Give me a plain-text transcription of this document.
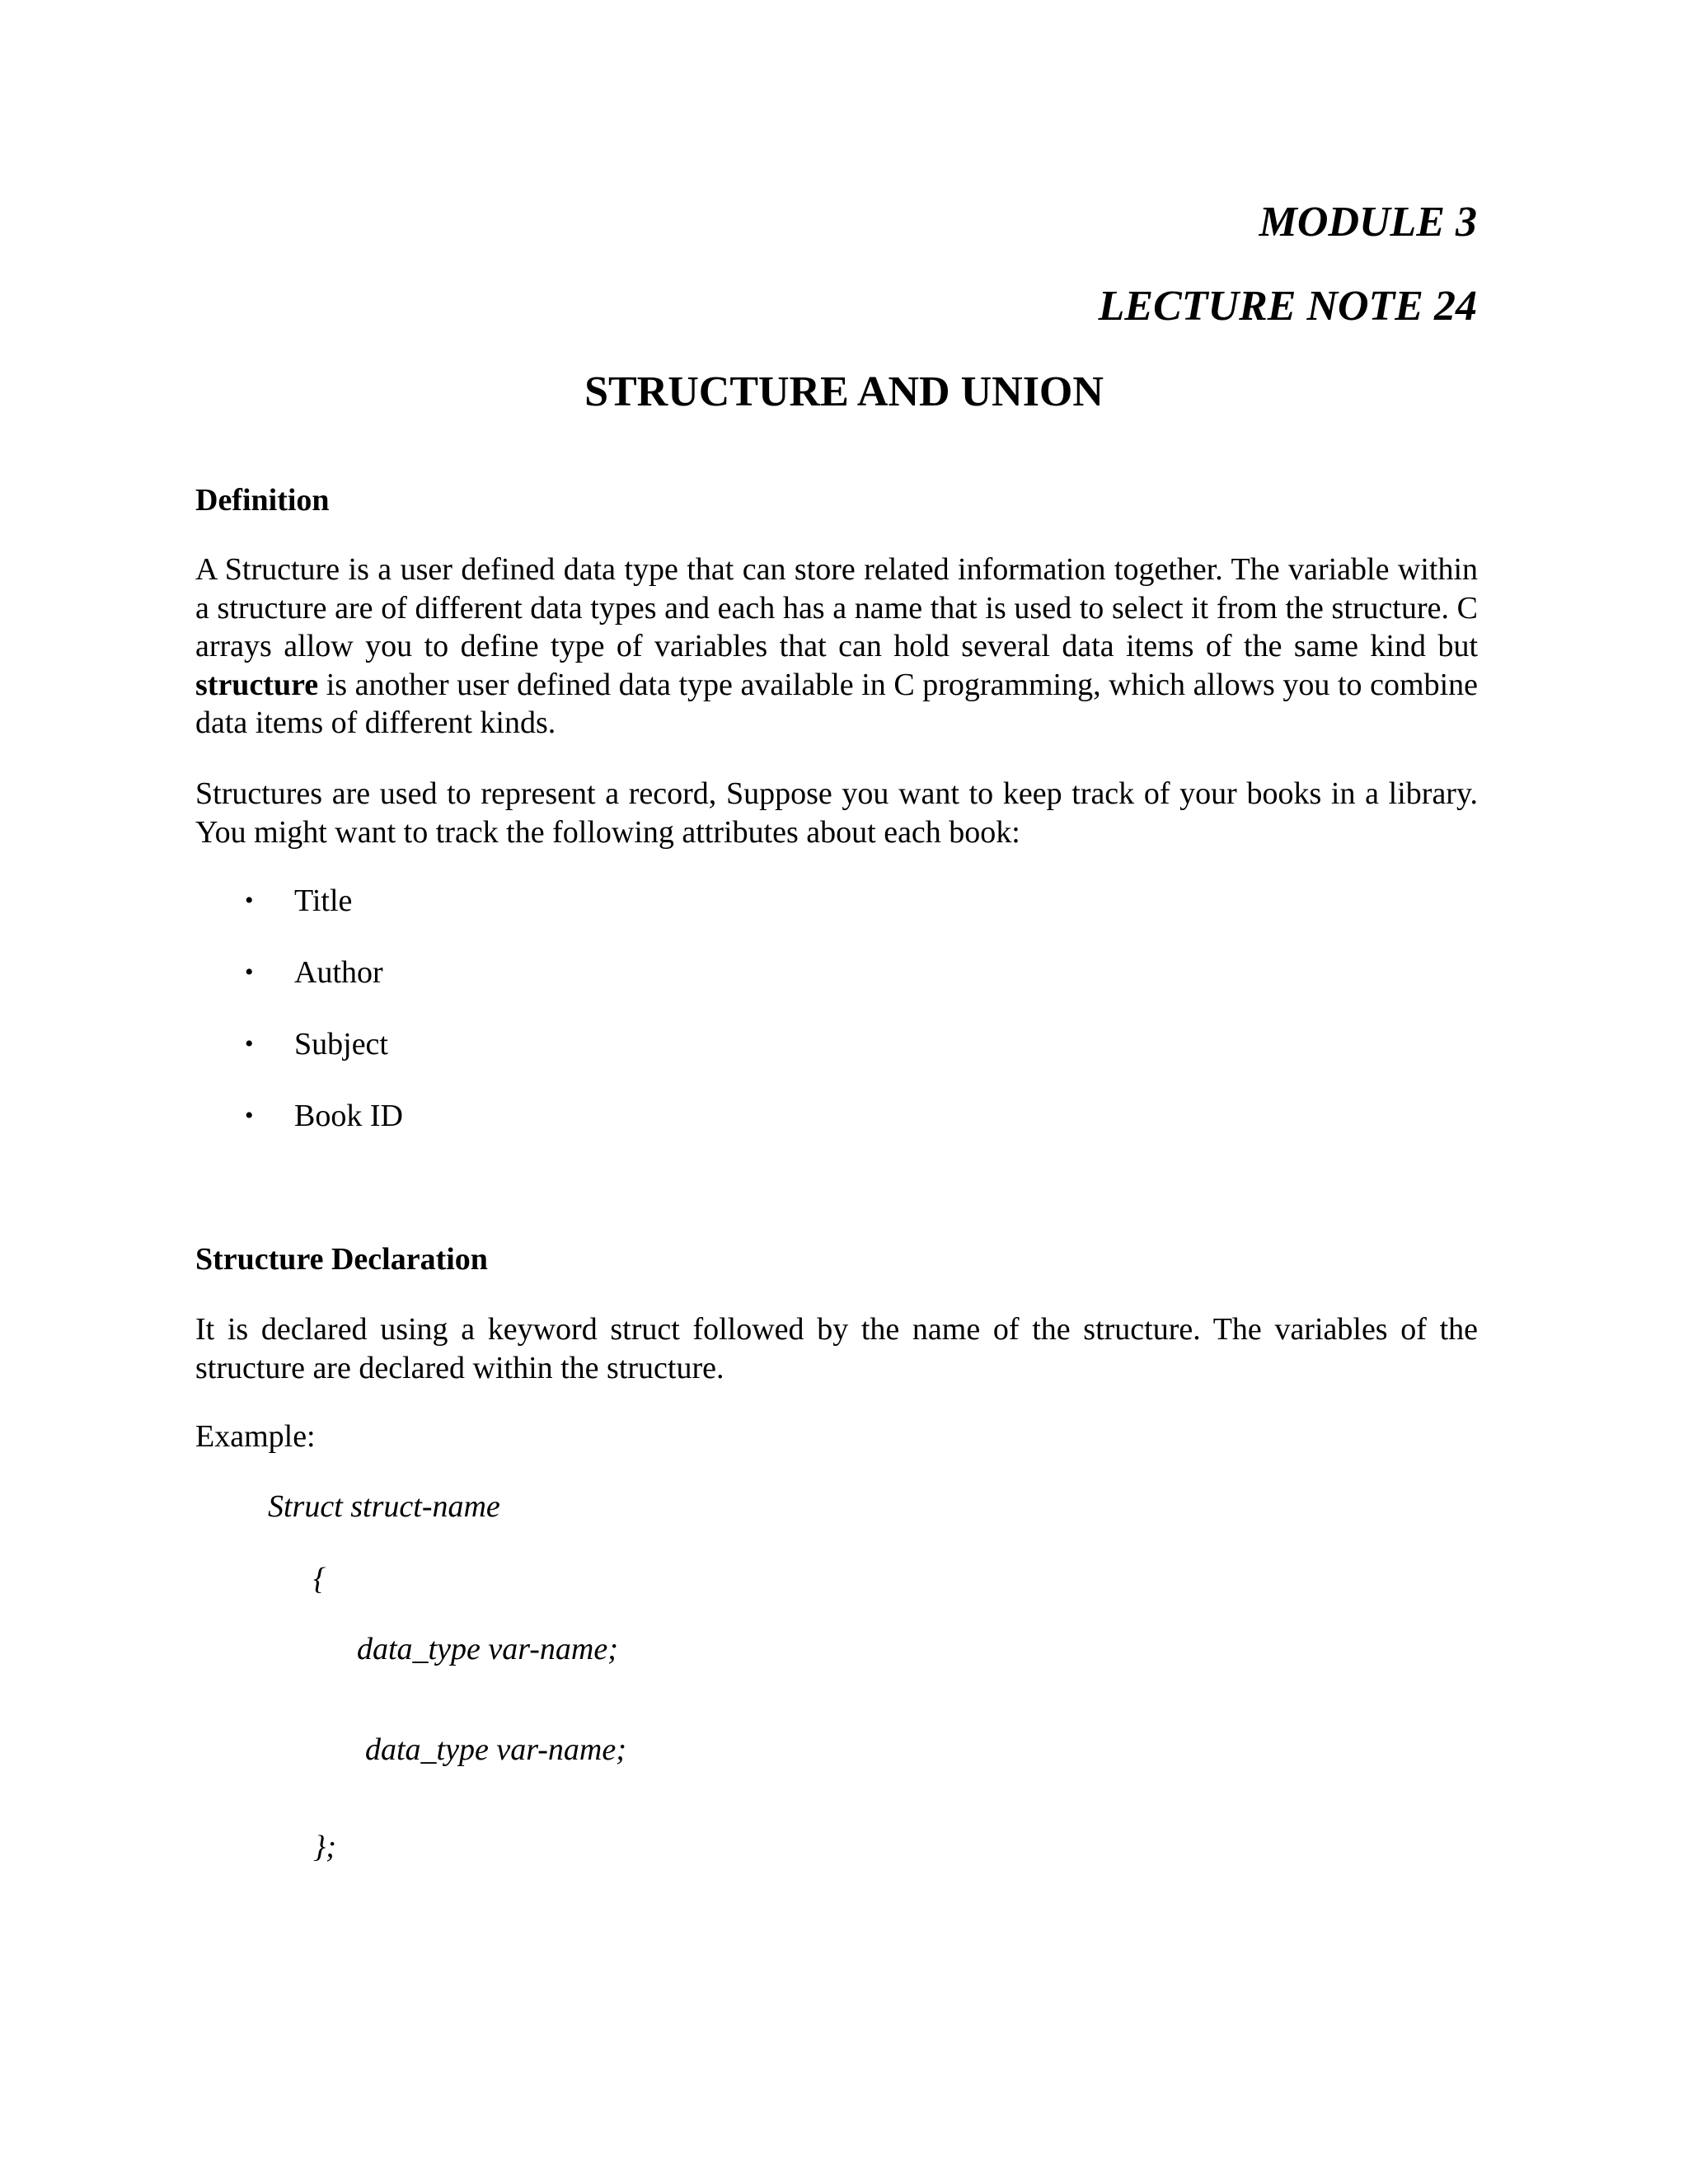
MODULE 3
LECTURE NOTE 24
STRUCTURE AND UNION
Definition

A Structure is a user defined data type that can store related information together. The variable within a structure are of different data types and each has a name that is used to select it from the structure. C arrays allow you to define type of variables that can hold several data items of the same kind but structure is another user defined data type available in C programming, which allows you to combine data items of different kinds.

Structures are used to represent a record, Suppose you want to keep track of your books in a library. You might want to track the following attributes about each book:

• Title
• Author
• Subject
• Book ID
Structure Declaration

It is declared using a keyword struct followed by the name of the structure. The variables of the structure are declared within the structure.

Example:

Struct struct-name

{

data_type var-name;

data_type var-name;

};
